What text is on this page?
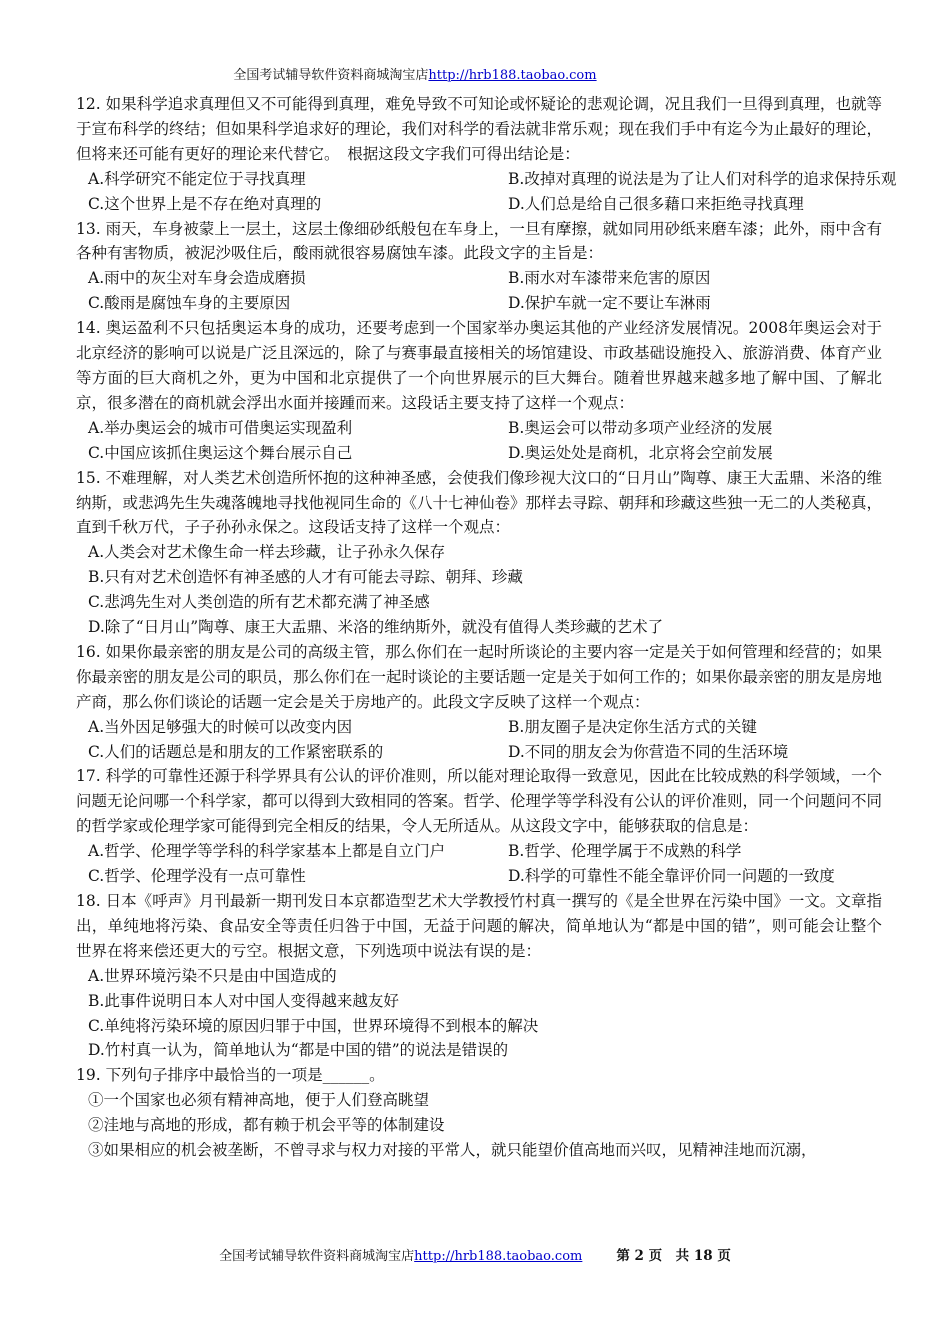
全国考试辅导软件资料商城淘宝店http://hrb188.taobao.com

12. 如果科学追求真理但又不可能得到真理，难免导致不可知论或怀疑论的悲观论调，况且我们一旦得到真理，也就等于宣布科学的终结；但如果科学追求好的理论，我们对科学的看法就非常乐观；现在我们手中有迄今为止最好的理论，但将来还可能有更好的理论来代替它。　根据这段文字我们可得出结论是：

A.科学研究不能定位于寻找真理	B.改掉对真理的说法是为了让人们对科学的追求保持乐观
C.这个世界上是不存在绝对真理的	D.人们总是给自己很多藉口来拒绝寻找真理

13. 雨天，车身被蒙上一层土，这层土像细砂纸般包在车身上，一旦有摩擦，就如同用砂纸来磨车漆；此外，雨中含有各种有害物质，被泥沙吸住后，酸雨就很容易腐蚀车漆。此段文字的主旨是：

A.雨中的灰尘对车身会造成磨损	B.雨水对车漆带来危害的原因
C.酸雨是腐蚀车身的主要原因	D.保护车就一定不要让车淋雨

14. 奥运盈利不只包括奥运本身的成功，还要考虑到一个国家举办奥运其他的产业经济发展情况。2008年奥运会对于北京经济的影响可以说是广泛且深远的，除了与赛事最直接相关的场馆建设、市政基础设施投入、旅游消费、体育产业等方面的巨大商机之外，更为中国和北京提供了一个向世界展示的巨大舞台。随着世界越来越多地了解中国、了解北京，很多潜在的商机就会浮出水面并接踵而来。这段话主要支持了这样一个观点：

A.举办奥运会的城市可借奥运实现盈利	B.奥运会可以带动多项产业经济的发展
C.中国应该抓住奥运这个舞台展示自己	D.奥运处处是商机，北京将会空前发展

15. 不难理解，对人类艺术创造所怀抱的这种神圣感，会使我们像珍视大汶口的“日月山”陶尊、康王大盂鼎、米洛的维纳斯，或悲鸿先生失魂落魄地寻找他视同生命的《八十七神仙卷》那样去寻踪、朝拜和珍藏这些独一无二的人类秘真，直到千秋万代，子子孙孙永保之。这段话支持了这样一个观点：

A.人类会对艺术像生命一样去珍藏，让子孙永久保存

B.只有对艺术创造怀有神圣感的人才有可能去寻踪、朝拜、珍藏

C.悲鸿先生对人类创造的所有艺术都充满了神圣感

D.除了“日月山”陶尊、康王大盂鼎、米洛的维纳斯外，就没有值得人类珍藏的艺术了

16. 如果你最亲密的朋友是公司的高级主管，那么你们在一起时所谈论的主要内容一定是关于如何管理和经营的；如果你最亲密的朋友是公司的职员，那么你们在一起时谈论的主要话题一定是关于如何工作的；如果你最亲密的朋友是房地产商，那么你们谈论的话题一定会是关于房地产的。此段文字反映了这样一个观点：

A.当外因足够强大的时候可以改变内因	B.朋友圈子是决定你生活方式的关键
C.人们的话题总是和朋友的工作紧密联系的	D.不同的朋友会为你营造不同的生活环境

17. 科学的可靠性还源于科学界具有公认的评价准则，所以能对理论取得一致意见，因此在比较成熟的科学领域，一个问题无论问哪一个科学家，都可以得到大致相同的答案。哲学、伦理学等学科没有公认的评价准则，同一个问题问不同的哲学家或伦理学家可能得到完全相反的结果，令人无所适从。从这段文字中，能够获取的信息是：

A.哲学、伦理学等学科的科学家基本上都是自立门户	B.哲学、伦理学属于不成熟的科学
C.哲学、伦理学没有一点可靠性	D.科学的可靠性不能全靠评价同一问题的一致度

18. 日本《呼声》月刊最新一期刊发日本京都造型艺术大学教授竹村真一撰写的《是全世界在污染中国》一文。文章指出，单纯地将污染、食品安全等责任归咎于中国，无益于问题的解决，简单地认为“都是中国的错”，则可能会让整个世界在将来偿还更大的亏空。根据文意，下列选项中说法有误的是：

A.世界环境污染不只是由中国造成的

B.此事件说明日本人对中国人变得越来越友好

C.单纯将污染环境的原因归罪于中国，世界环境得不到根本的解决

D.竹村真一认为，简单地认为“都是中国的错”的说法是错误的

19. 下列句子排序中最恰当的一项是______。

①一个国家也必须有精神高地，便于人们登高眺望

②洼地与高地的形成，都有赖于机会平等的体制建设

③如果相应的机会被垄断，不曾寻求与权力对接的平常人，就只能望价值高地而兴叹，见精神洼地而沉溺，

全国考试辅导软件资料商城淘宝店http://hrb188.taobao.com	第 2 页　共 18 页
